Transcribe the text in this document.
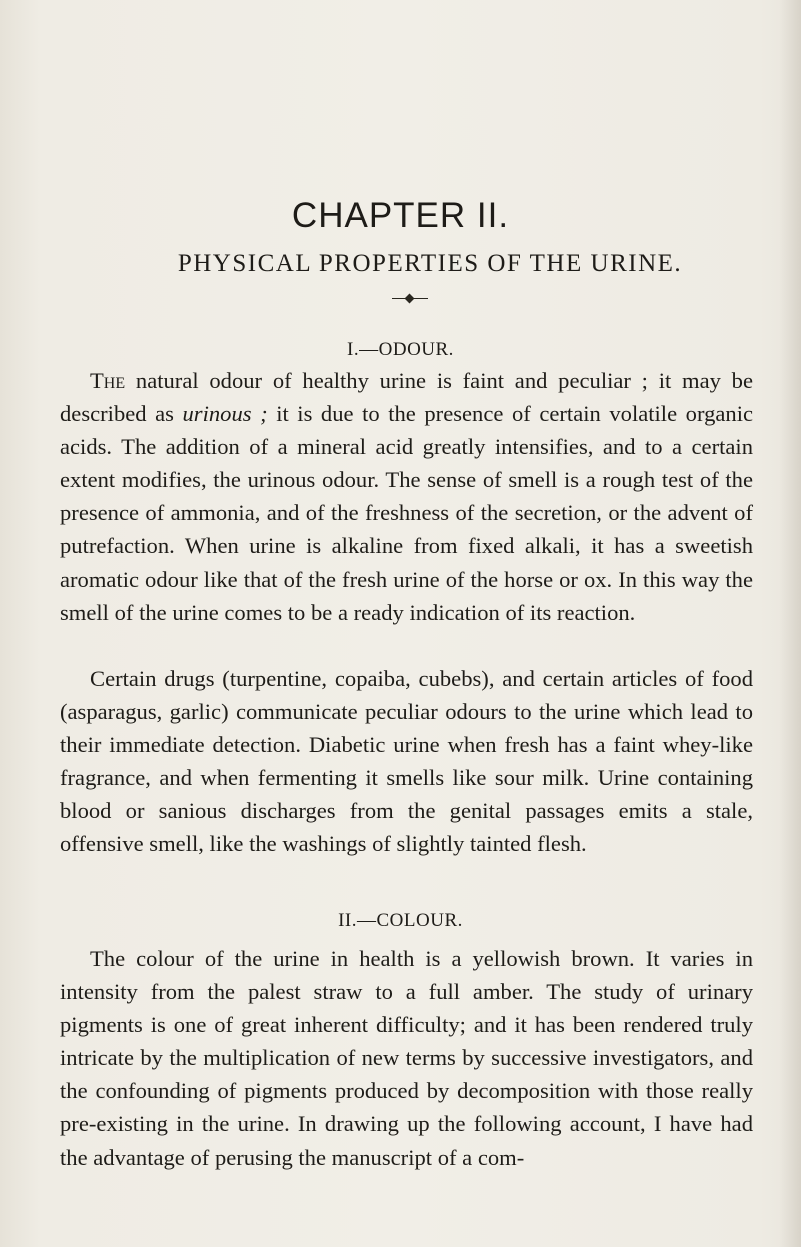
CHAPTER II.
PHYSICAL PROPERTIES OF THE URINE.
I.—ODOUR.
The natural odour of healthy urine is faint and peculiar ; it may be described as urinous ; it is due to the presence of certain volatile organic acids. The addition of a mineral acid greatly intensifies, and to a certain extent modifies, the urinous odour. The sense of smell is a rough test of the presence of ammonia, and of the freshness of the secretion, or the advent of putrefaction. When urine is alkaline from fixed alkali, it has a sweetish aromatic odour like that of the fresh urine of the horse or ox. In this way the smell of the urine comes to be a ready indication of its reaction.
Certain drugs (turpentine, copaiba, cubebs), and certain articles of food (asparagus, garlic) communicate peculiar odours to the urine which lead to their immediate detection. Diabetic urine when fresh has a faint whey-like fragrance, and when fermenting it smells like sour milk. Urine containing blood or sanious discharges from the genital passages emits a stale, offensive smell, like the washings of slightly tainted flesh.
II.—COLOUR.
The colour of the urine in health is a yellowish brown. It varies in intensity from the palest straw to a full amber. The study of urinary pigments is one of great inherent difficulty; and it has been rendered truly intricate by the multiplication of new terms by successive investigators, and the confounding of pigments produced by decomposition with those really pre-existing in the urine. In drawing up the following account, I have had the advantage of perusing the manuscript of a com-
